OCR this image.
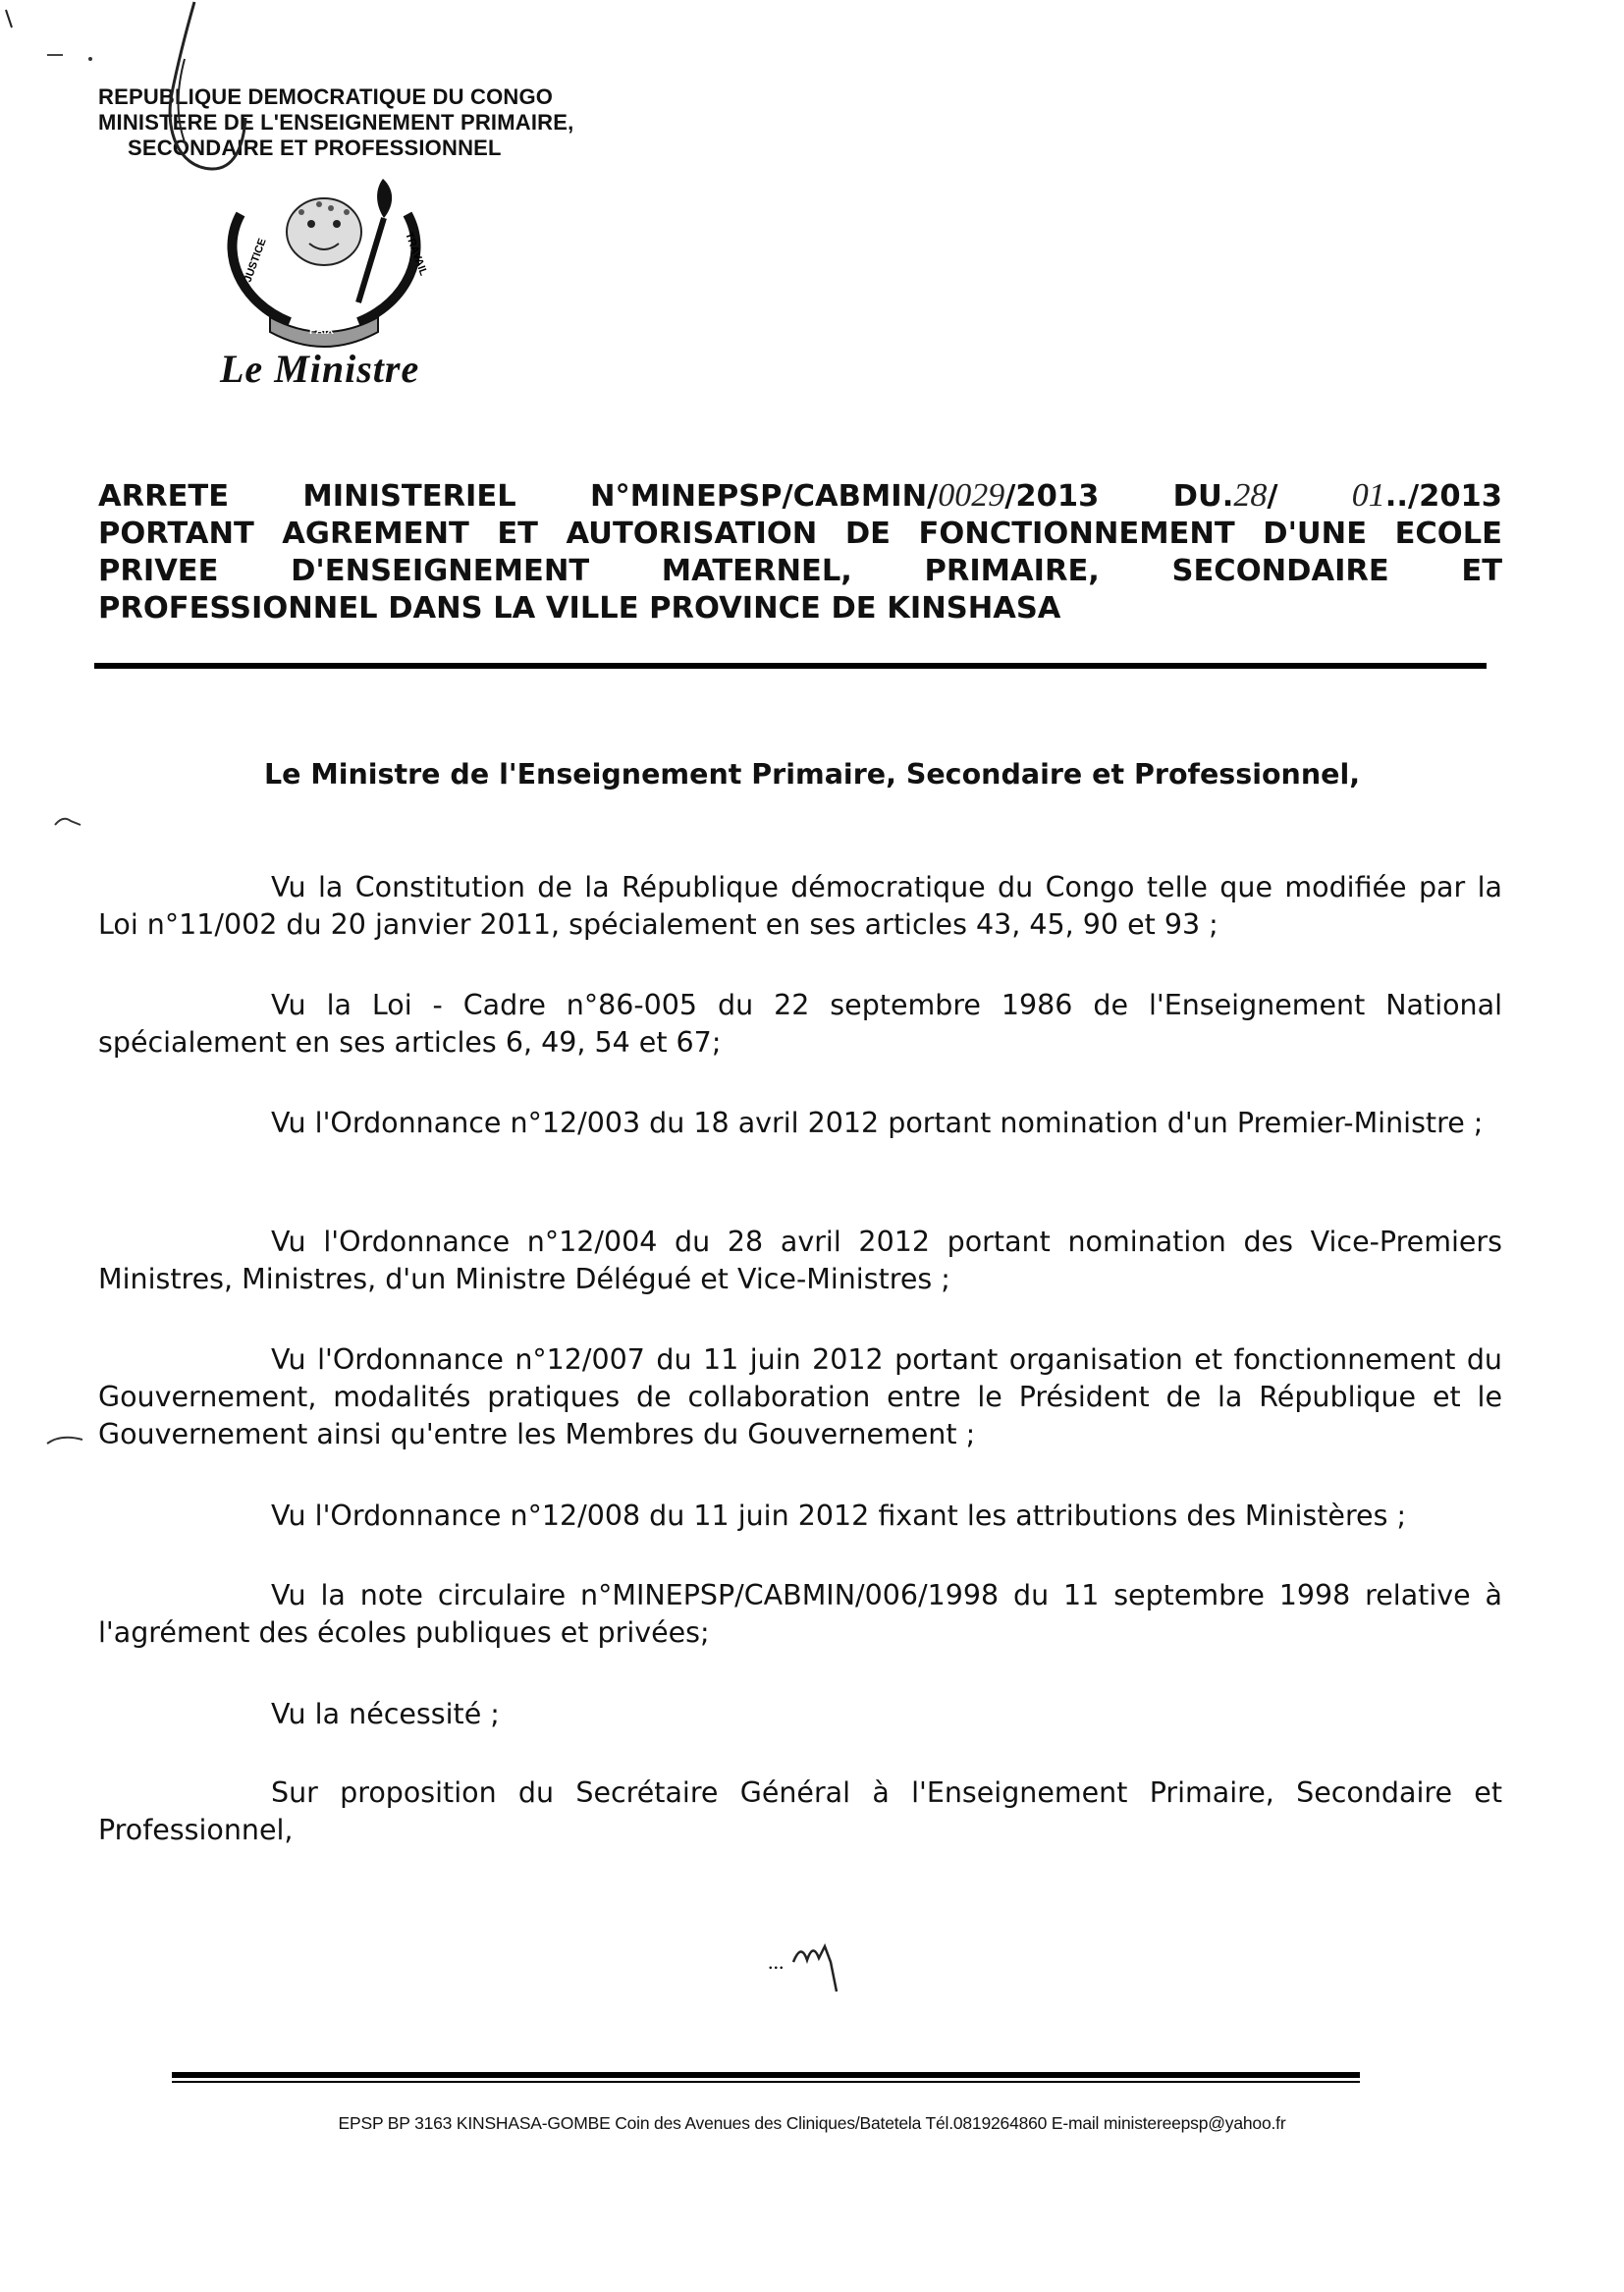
REPUBLIQUE DEMOCRATIQUE DU CONGO
MINISTERE DE L'ENSEIGNEMENT PRIMAIRE,
SECONDAIRE ET PROFESSIONNEL
JUSTICE
PAIX
TRAVAIL
Le Ministre
ARRETE MINISTERIEL N°MINEPSP/CABMIN/0029/2013 DU.28/ 01../2013
PORTANT AGREMENT ET AUTORISATION DE FONCTIONNEMENT D'UNE ECOLE
PRIVEE D'ENSEIGNEMENT MATERNEL, PRIMAIRE, SECONDAIRE ET
PROFESSIONNEL DANS LA VILLE PROVINCE DE KINSHASA
Le Ministre de l'Enseignement Primaire, Secondaire et Professionnel,
Vu la Constitution de la République démocratique du Congo telle que modifiée par la Loi n°11/002 du 20 janvier 2011, spécialement en ses articles 43, 45, 90 et 93 ;
Vu la Loi - Cadre n°86-005 du 22 septembre 1986 de l'Enseignement National spécialement en ses articles 6, 49, 54 et 67;
Vu l'Ordonnance n°12/003 du 18 avril 2012 portant nomination d'un Premier-Ministre ;
Vu l'Ordonnance n°12/004 du 28 avril 2012 portant nomination des Vice-Premiers Ministres, Ministres, d'un Ministre Délégué et Vice-Ministres ;
Vu l'Ordonnance n°12/007 du 11 juin 2012 portant organisation et fonctionnement du Gouvernement, modalités pratiques de collaboration entre le Président de la République et le Gouvernement ainsi qu'entre les Membres du Gouvernement ;
Vu l'Ordonnance n°12/008 du 11 juin 2012 fixant les attributions des Ministères ;
Vu la note circulaire n°MINEPSP/CABMIN/006/1998 du 11 septembre 1998 relative à l'agrément des écoles publiques et privées;
Vu la nécessité ;
Sur proposition du Secrétaire Général à l'Enseignement Primaire, Secondaire et Professionnel,
...
EPSP BP 3163 KINSHASA-GOMBE Coin des Avenues des Cliniques/Batetela Tél.0819264860 E-mail ministereepsp@yahoo.fr
